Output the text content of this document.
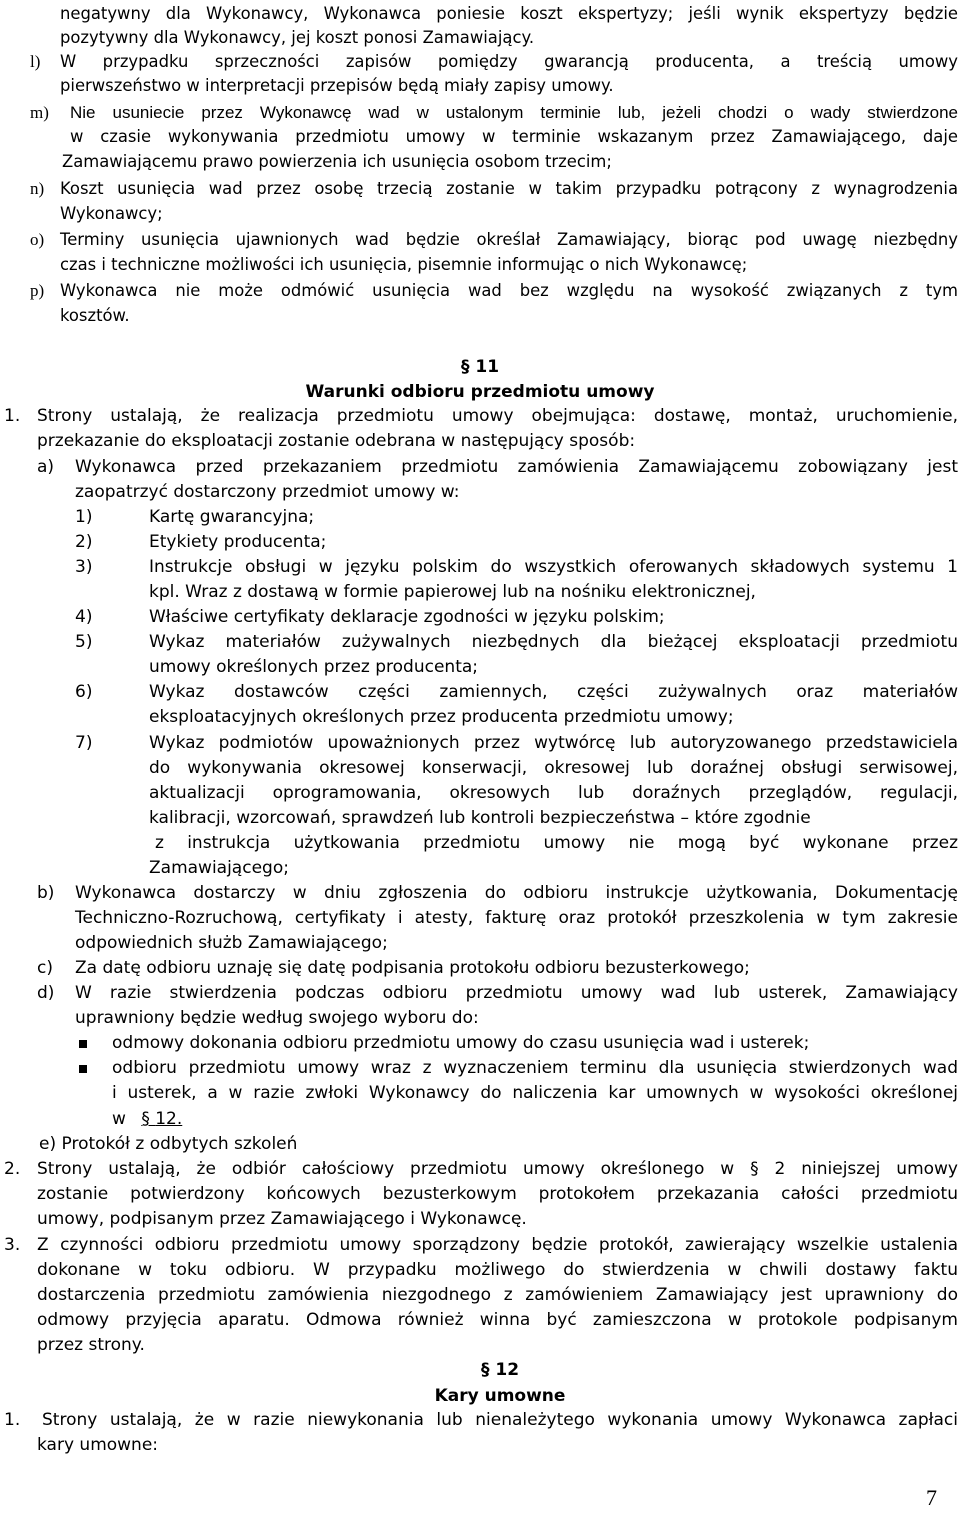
negatywny dla Wykonawcy, Wykonawca poniesie koszt ekspertyzy; jeśli wynik ekspertyzy będzie
pozytywny dla Wykonawcy, jej koszt ponosi Zamawiający.
l) W przypadku sprzeczności zapisów pomiędzy gwarancją producenta, a treścią umowy
pierwszeństwo w interpretacji przepisów będą miały zapisy umowy.
m) Nie usuniecie przez Wykonawcę wad w ustalonym terminie lub, jeżeli chodzi o wady stwierdzone
w czasie wykonywania przedmiotu umowy w terminie wskazanym przez Zamawiającego, daje
Zamawiającemu prawo powierzenia ich usunięcia osobom trzecim;
n) Koszt usunięcia wad przez osobę trzecią zostanie w takim przypadku potrącony z wynagrodzenia
Wykonawcy;
o) Terminy usunięcia ujawnionych wad będzie określał Zamawiający, biorąc pod uwagę niezbędny
czas i techniczne możliwości ich usunięcia, pisemnie informując o nich Wykonawcę;
p) Wykonawca nie może odmówić usunięcia wad bez względu na wysokość związanych z tym
kosztów.
§ 11
Warunki odbioru przedmiotu umowy
1. Strony ustalają, że realizacja przedmiotu umowy obejmująca: dostawę, montaż, uruchomienie,
przekazanie do eksploatacji zostanie odebrana w następujący sposób:
a) Wykonawca przed przekazaniem przedmiotu zamówienia Zamawiającemu zobowiązany jest
zaopatrzyć dostarczony przedmiot umowy w:
1)	Kartę gwarancyjna;
2)	Etykiety producenta;
3)	Instrukcje obsługi w języku polskim do wszystkich oferowanych składowych systemu 1
kpl. Wraz z dostawą w formie papierowej lub na nośniku elektronicznej,
4)	Właściwe certyfikaty deklaracje zgodności w języku polskim;
5)	Wykaz materiałów zużywalnych niezbędnych dla bieżącej eksploatacji przedmiotu
umowy określonych przez producenta;
6)	Wykaz dostawców części zamiennych, części zużywalnych oraz materiałów
eksploatacyjnych określonych przez producenta przedmiotu umowy;
7)	Wykaz podmiotów upoważnionych przez wytwórcę lub autoryzowanego przedstawiciela
do wykonywania okresowej konserwacji, okresowej lub doraźnej obsługi serwisowej,
aktualizacji oprogramowania, okresowych lub doraźnych przeglądów, regulacji,
kalibracji, wzorcowań, sprawdzeń lub kontroli bezpieczeństwa – które zgodnie
z instrukcja użytkowania przedmiotu umowy nie mogą być wykonane przez
Zamawiającego;
b) Wykonawca dostarczy w dniu zgłoszenia do odbioru instrukcje użytkowania, Dokumentację
Techniczno-Rozruchową, certyfikaty i atesty, fakturę oraz protokół przeszkolenia w tym zakresie
odpowiednich służb Zamawiającego;
c) Za datę odbioru uznaję się datę podpisania protokołu odbioru bezusterkowego;
d) W razie stwierdzenia podczas odbioru przedmiotu umowy wad lub usterek, Zamawiający
uprawniony będzie według swojego wyboru do:
odmowy dokonania odbioru przedmiotu umowy do czasu usunięcia wad i usterek;
odbioru przedmiotu umowy wraz z wyznaczeniem terminu dla usunięcia stwierdzonych wad
i usterek, a w razie zwłoki Wykonawcy do naliczenia kar umownych w wysokości określonej
w § 12.
e) Protokół z odbytych szkoleń
2. Strony ustalają, że odbiór całościowy przedmiotu umowy określonego w § 2 niniejszej umowy
zostanie potwierdzony końcowych bezusterkowym protokołem przekazania całości przedmiotu
umowy, podpisanym przez Zamawiającego i Wykonawcę.
3. Z czynności odbioru przedmiotu umowy sporządzony będzie protokół, zawierający wszelkie ustalenia
dokonane w toku odbioru. W przypadku możliwego do stwierdzenia w chwili dostawy faktu
dostarczenia przedmiotu zamówienia niezgodnego z zamówieniem Zamawiający jest uprawniony do
odmowy przyjęcia aparatu. Odmowa również winna być zamieszczona w protokole podpisanym
przez strony.
§ 12
Kary umowne
1. Strony ustalają, że w razie niewykonania lub nienależytego wykonania umowy Wykonawca zapłaci
kary umowne:
7
